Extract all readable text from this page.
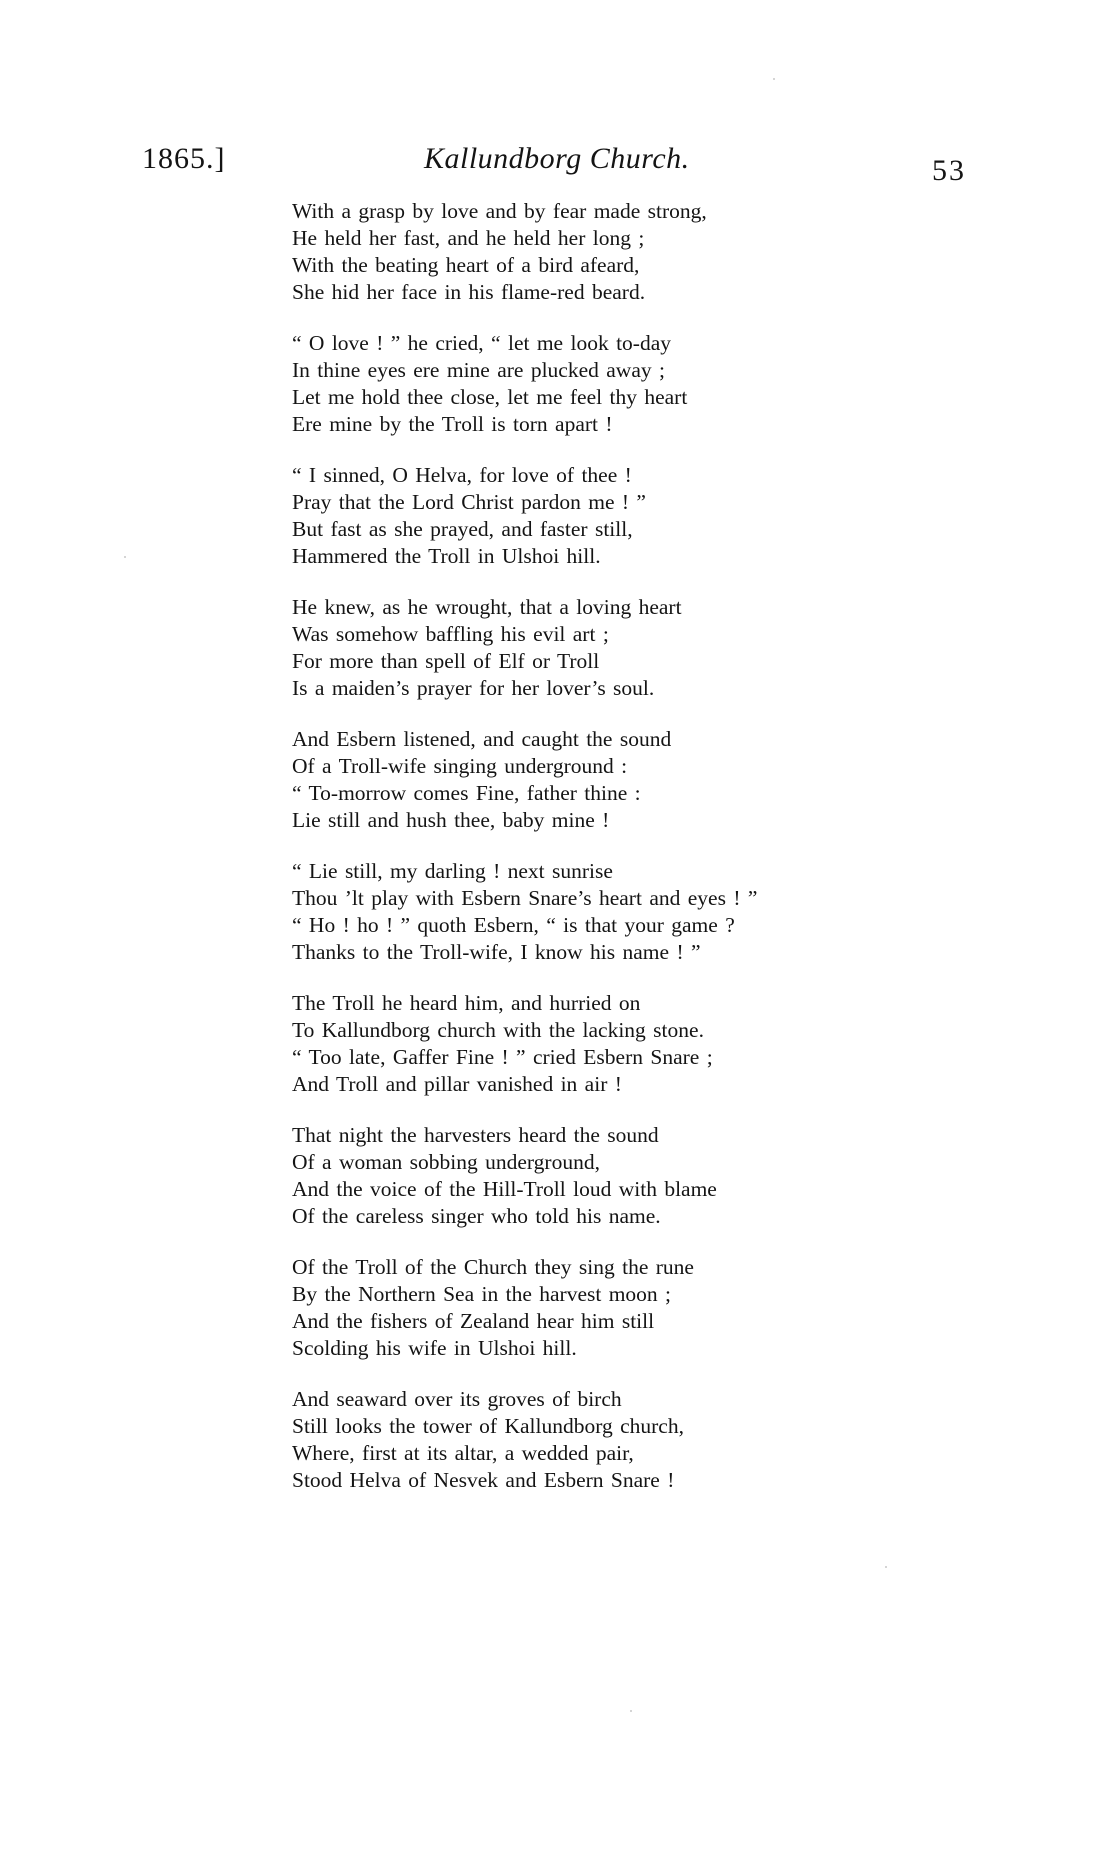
1865.]	Kallundborg Church.	53
With a grasp by love and by fear made strong,
He held her fast, and he held her long ;
With the beating heart of a bird afeard,
She hid her face in his flame-red beard.
“ O love ! ” he cried, “ let me look to-day
In thine eyes ere mine are plucked away ;
Let me hold thee close, let me feel thy heart
Ere mine by the Troll is torn apart !
“ I sinned, O Helva, for love of thee !
Pray that the Lord Christ pardon me ! ”
But fast as she prayed, and faster still,
Hammered the Troll in Ulshoi hill.
He knew, as he wrought, that a loving heart
Was somehow baffling his evil art ;
For more than spell of Elf or Troll
Is a maiden’s prayer for her lover’s soul.
And Esbern listened, and caught the sound
Of a Troll-wife singing underground :
“ To-morrow comes Fine, father thine :
Lie still and hush thee, baby mine !
“ Lie still, my darling ! next sunrise
Thou ’lt play with Esbern Snare’s heart and eyes ! ”
“ Ho ! ho ! ” quoth Esbern, “ is that your game ?
Thanks to the Troll-wife, I know his name ! ”
The Troll he heard him, and hurried on
To Kallundborg church with the lacking stone.
“ Too late, Gaffer Fine ! ” cried Esbern Snare ;
And Troll and pillar vanished in air !
That night the harvesters heard the sound
Of a woman sobbing underground,
And the voice of the Hill-Troll loud with blame
Of the careless singer who told his name.
Of the Troll of the Church they sing the rune
By the Northern Sea in the harvest moon ;
And the fishers of Zealand hear him still
Scolding his wife in Ulshoi hill.
And seaward over its groves of birch
Still looks the tower of Kallundborg church,
Where, first at its altar, a wedded pair,
Stood Helva of Nesvek and Esbern Snare !
